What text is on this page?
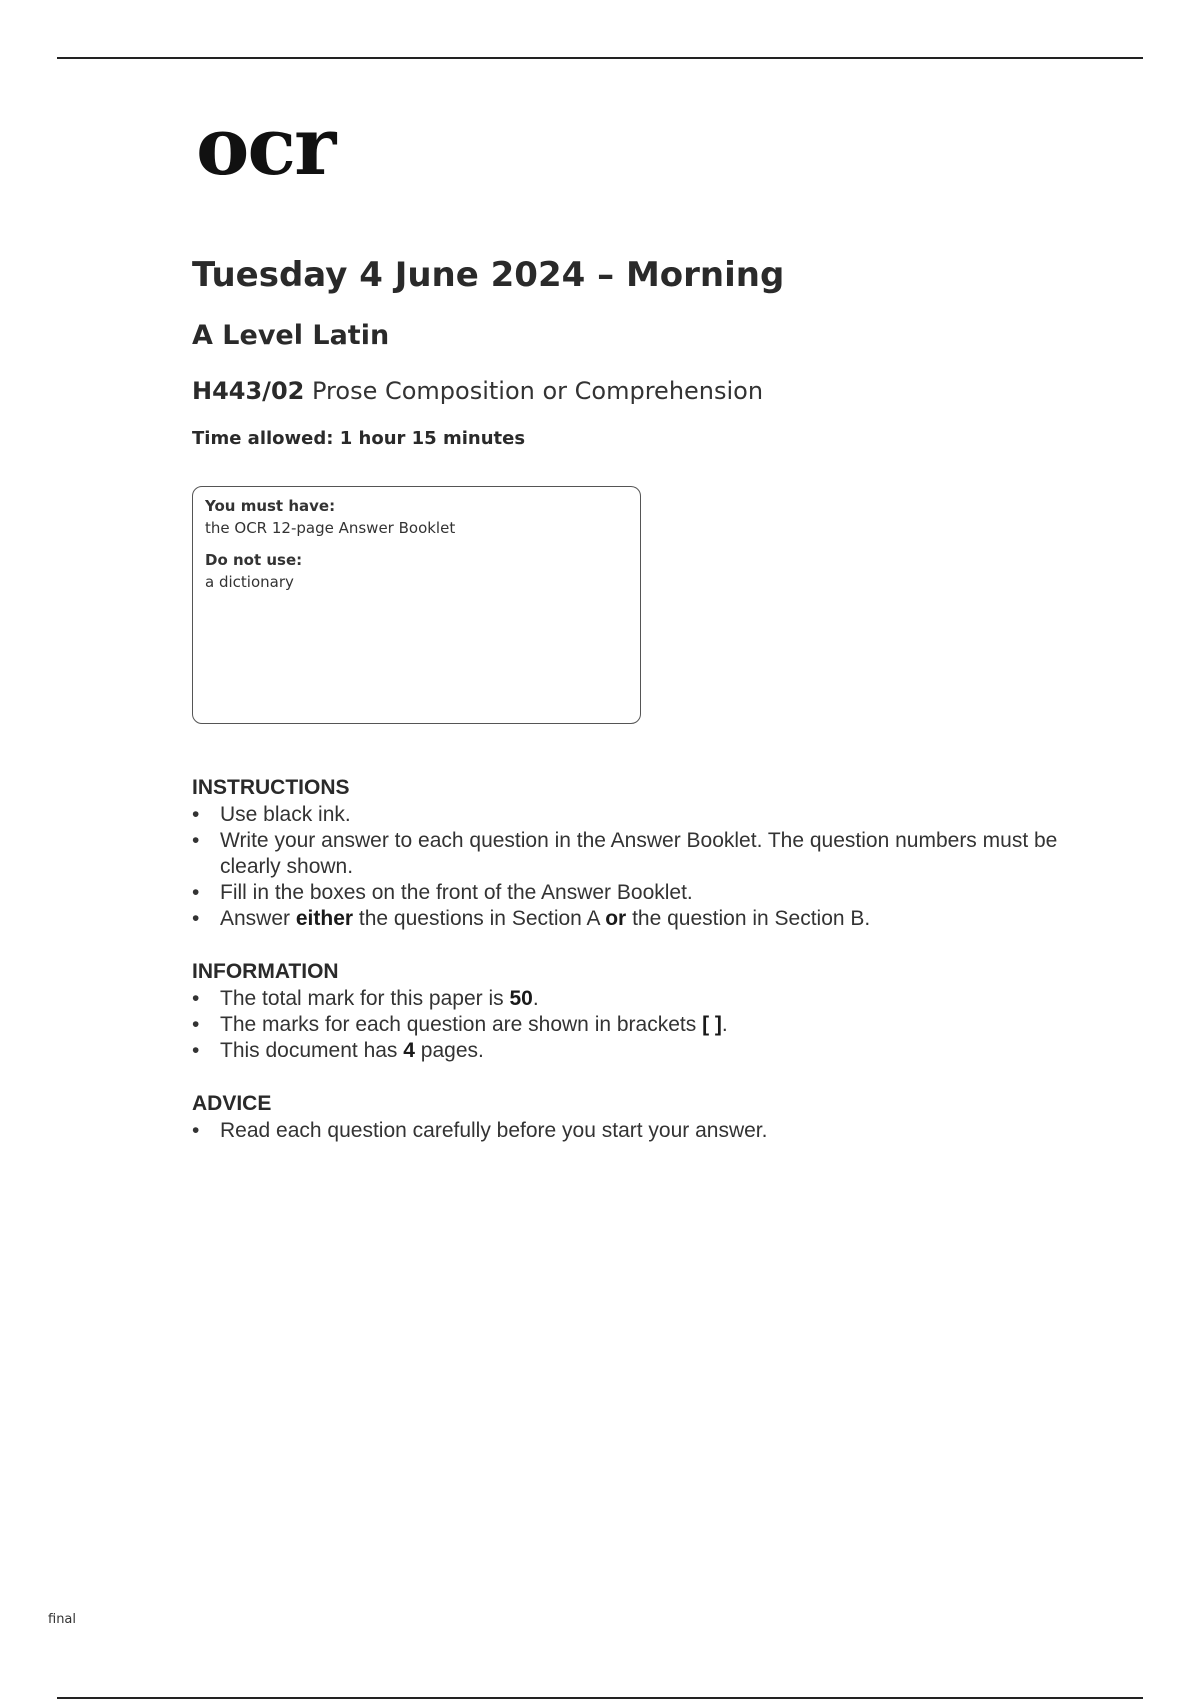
ocr
Tuesday 4 June 2024 – Morning
A Level Latin
H443/02 Prose Composition or Comprehension
Time allowed: 1 hour 15 minutes

You must have:

the OCR 12-page Answer Booklet

Do not use:

a dictionary

INSTRUCTIONS

• Use black ink.
• Write your answer to each question in the Answer Booklet. The question numbers must be clearly shown.
• Fill in the boxes on the front of the Answer Booklet.
• Answer either the questions in Section A or the question in Section B.

INFORMATION

• The total mark for this paper is 50.
• The marks for each question are shown in brackets [ ].
• This document has 4 pages.

ADVICE

• Read each question carefully before you start your answer.
final
